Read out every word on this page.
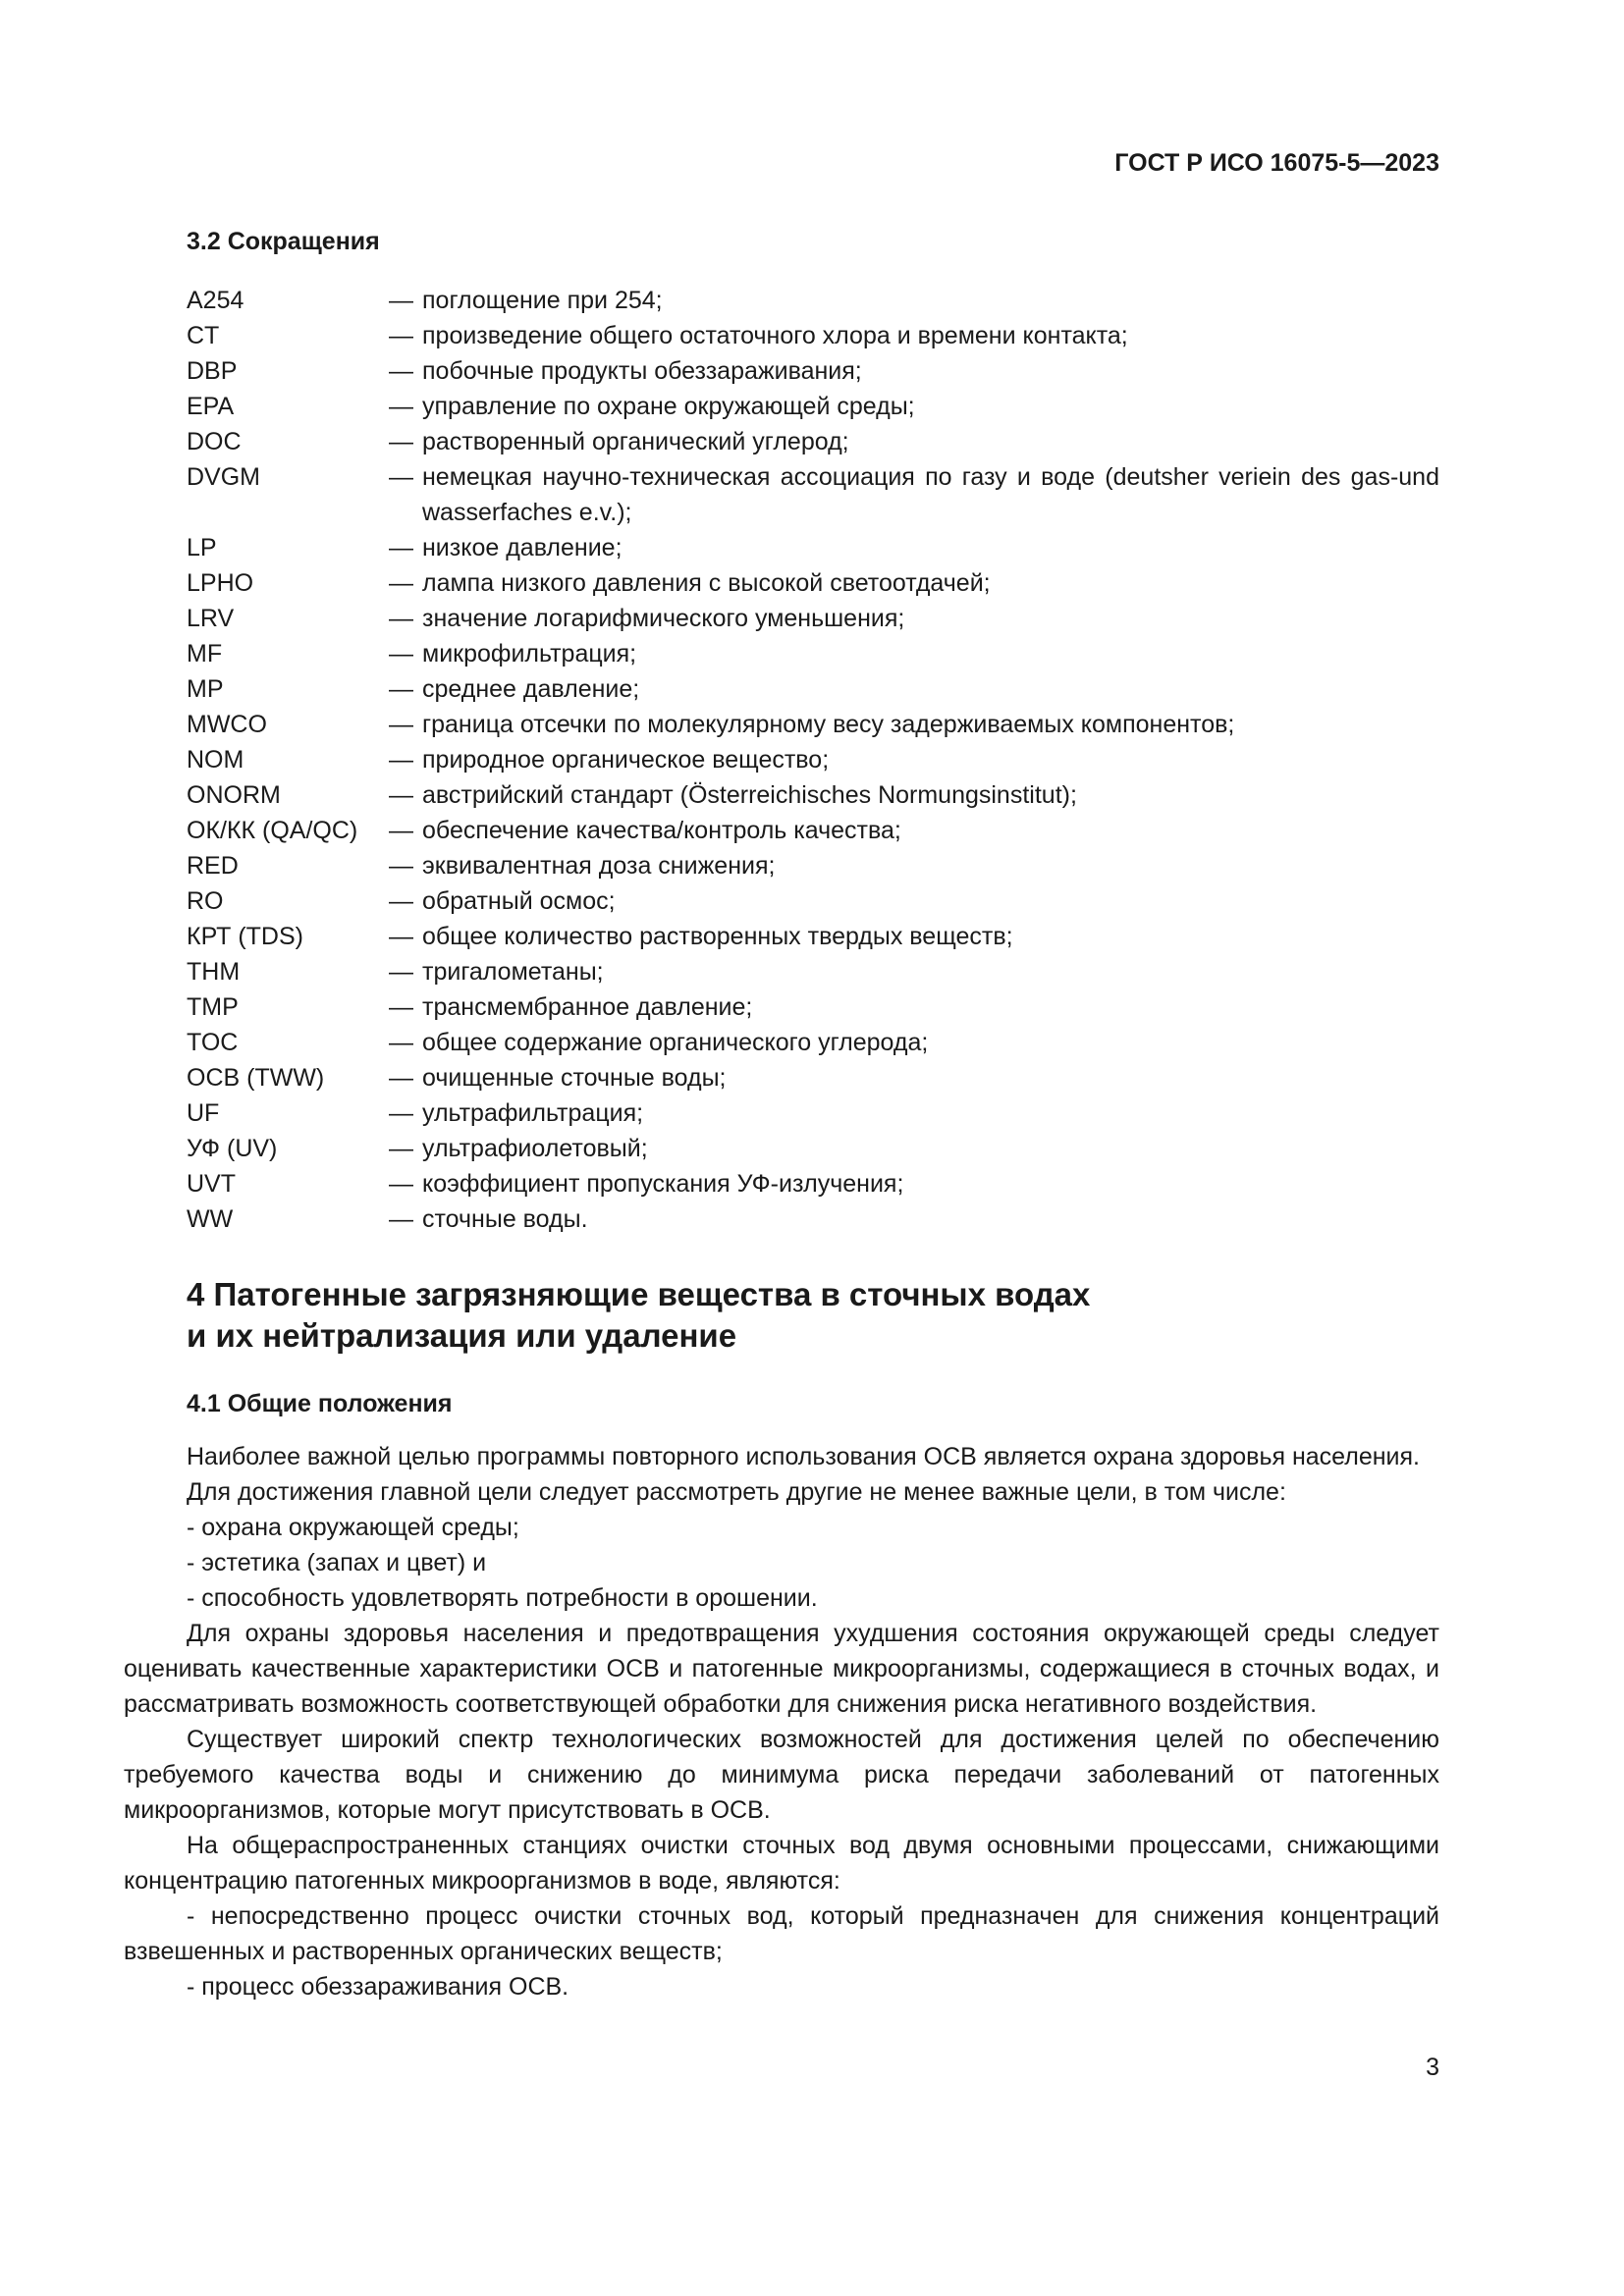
ГОСТ Р ИСО 16075-5—2023
3.2 Сокращения
A254	— поглощение при 254;
CT	— произведение общего остаточного хлора и времени контакта;
DBP	— побочные продукты обеззараживания;
EPA	— управление по охране окружающей среды;
DOC	— растворенный органический углерод;
DVGM	— немецкая научно-техническая ассоциация по газу и воде (deutsher verіein des gas-und wasserfaches e.v.);
LP	— низкое давление;
LPHO	— лампа низкого давления с высокой светоотдачей;
LRV	— значение логарифмического уменьшения;
MF	— микрофильтрация;
MP	— среднее давление;
MWCO	— граница отсечки по молекулярному весу задерживаемых компонентов;
NOM	— природное органическое вещество;
ONORM	— австрийский стандарт (Österreichisches Normungsinstitut);
ОК/КК (QA/QC)	— обеспечение качества/контроль качества;
RED	— эквивалентная доза снижения;
RO	— обратный осмос;
КРТ (TDS)	— общее количество растворенных твердых веществ;
THM	— тригалометаны;
TMP	— трансмембранное давление;
TOC	— общее содержание органического углерода;
ОСВ (TWW)	— очищенные сточные воды;
UF	— ультрафильтрация;
УФ (UV)	— ультрафиолетовый;
UVT	— коэффициент пропускания УФ-излучения;
WW	— сточные воды.
4 Патогенные загрязняющие вещества в сточных водах
и их нейтрализация или удаление
4.1 Общие положения

Наиболее важной целью программы повторного использования ОСВ является охрана здоровья населения.

Для достижения главной цели следует рассмотреть другие не менее важные цели, в том числе:

- охрана окружающей среды;
- эстетика (запах и цвет) и
- способность удовлетворять потребности в орошении.

Для охраны здоровья населения и предотвращения ухудшения состояния окружающей среды следует оценивать качественные характеристики ОСВ и патогенные микроорганизмы, содержащиеся в сточных водах, и рассматривать возможность соответствующей обработки для снижения риска негативного воздействия.

Существует широкий спектр технологических возможностей для достижения целей по обеспечению требуемого качества воды и снижению до минимума риска передачи заболеваний от патогенных микроорганизмов, которые могут присутствовать в ОСВ.

На общераспространенных станциях очистки сточных вод двумя основными процессами, снижающими концентрацию патогенных микроорганизмов в воде, являются:

- непосредственно процесс очистки сточных вод, который предназначен для снижения концентраций взвешенных и растворенных органических веществ;
- процесс обеззараживания ОСВ.
3
